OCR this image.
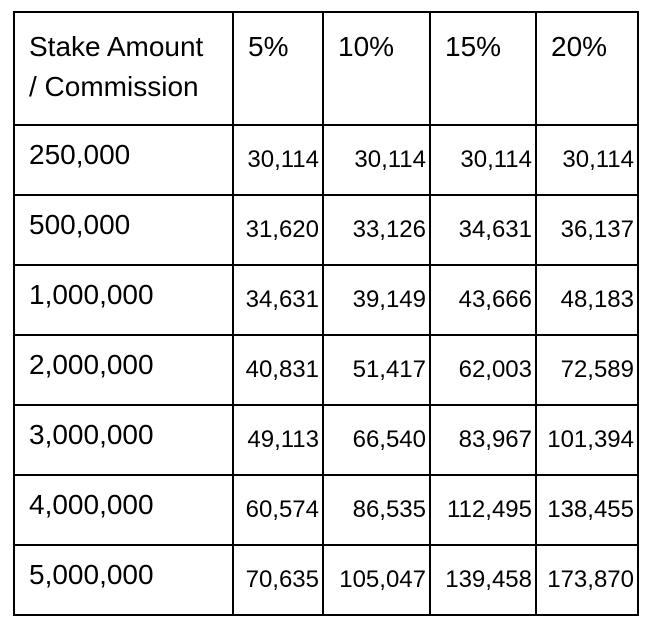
Stake Amount
/ Commission	5%	10%	15%	20%
250,000	30,114	30,114	30,114	30,114
500,000	31,620	33,126	34,631	36,137
1,000,000	34,631	39,149	43,666	48,183
2,000,000	40,831	51,417	62,003	72,589
3,000,000	49,113	66,540	83,967	101,394
4,000,000	60,574	86,535	112,495	138,455
5,000,000	70,635	105,047	139,458	173,870
